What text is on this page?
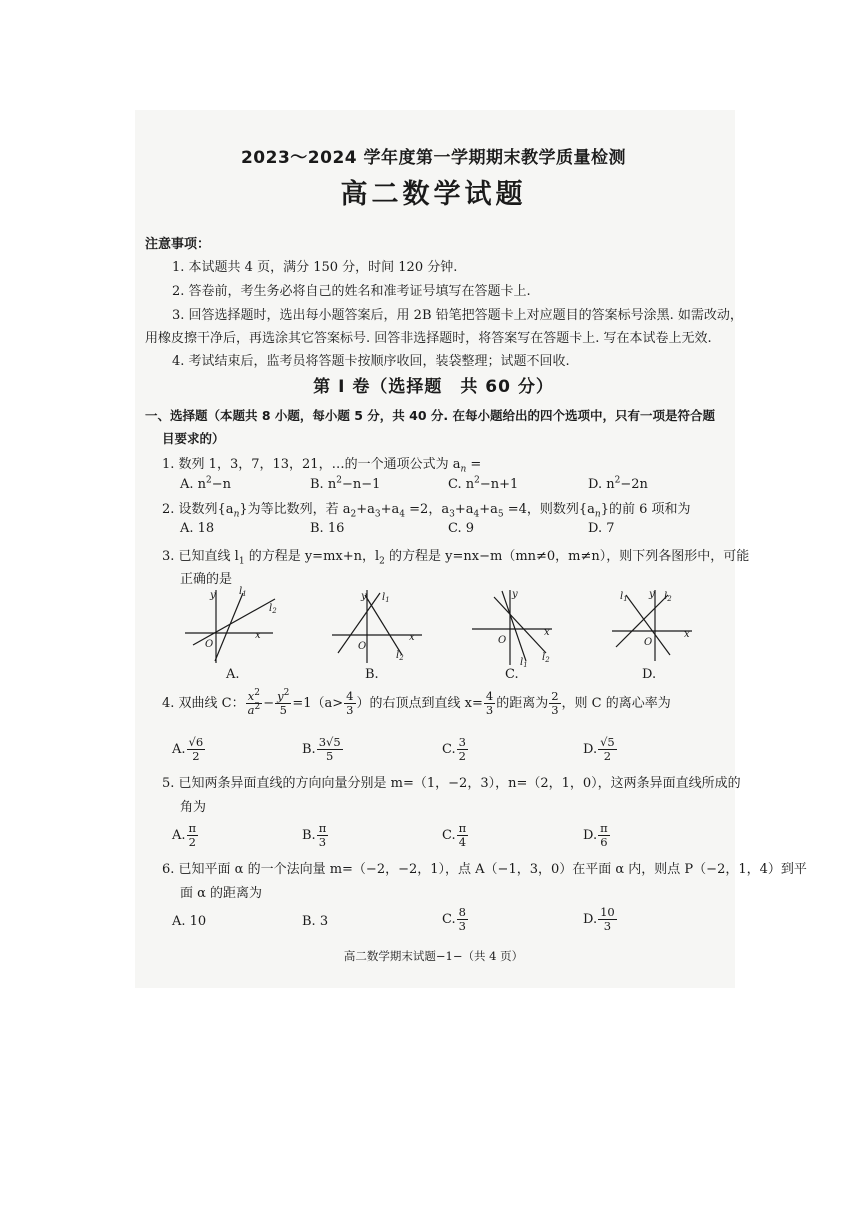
2023～2024 学年度第一学期期末教学质量检测
高二数学试题
注意事项：
1. 本试题共 4 页，满分 150 分，时间 120 分钟.
2. 答卷前，考生务必将自己的姓名和准考证号填写在答题卡上.
3. 回答选择题时，选出每小题答案后，用 2B 铅笔把答题卡上对应题目的答案标号涂黑. 如需改动，
用橡皮擦干净后，再选涂其它答案标号. 回答非选择题时，将答案写在答题卡上. 写在本试卷上无效.
4. 考试结束后，监考员将答题卡按顺序收回，装袋整理；试题不回收.
第 Ⅰ 卷（选择题　共 60 分）
一、选择题（本题共 8 小题，每小题 5 分，共 40 分. 在每小题给出的四个选项中，只有一项是符合题
目要求的）
1. 数列 1，3，7，13，21，…的一个通项公式为 $a_n$ =
A. $n^2-n$	B. $n^2-n-1$	C. $n^2-n+1$	D. $n^2-2n$
2. 设数列$\{a_n\}$为等比数列，若 $a_2+a_3+a_4 =2$，$a_3+a_4+a_5 =4$，则数列$\{a_n\}$的前 6 项和为
A. 18	B. 16	C. 9	D. 7
3. 已知直线 $l_1$ 的方程是 y=mx+n，$l_2$ 的方程是 y=nx−m（mn≠0，m≠n），则下列各图形中，可能
正确的是
y
x
O
$l_1$
$l_2$
A.
y
x
O
$l_1$
$l_2$
B.
y
x
O
$l_1$
$l_2$
C.
y
x
O
$l_1$	$l_2$
D.
4. 双曲线 C： $\frac{x^2}{a^2} - \frac{y^2}{5} =1(a> \frac{4}{3}$ ）的右顶点到直线 $x= \frac{4}{3}$ 的距离为 $\frac{2}{3}$ ，则 C 的离心率为
A. $\frac{√6}{2}$	B. $\frac{3√5}{5}$	C. $\frac{3}{2}$	D. $\frac{√5}{2}$
5. 已知两条异面直线的方向向量分别是 m=（1，−2，3），n=（2，1，0），这两条异面直线所成的
角为
A. $\frac{\pi}{2}$	B. $\frac{\pi}{3}$	C. $\frac{\pi}{4}$	D. $\frac{\pi}{6}$
6. 已知平面 α 的一个法向量 m=（−2，−2，1），点 A（−1，3，0）在平面 α 内，则点 P（−2，1，4）到平
面 α 的距离为
A. 10	B. 3	C. $\frac{8}{3}$	D. $\frac{10}{3}$
高二数学期末试题−1−（共 4 页）
